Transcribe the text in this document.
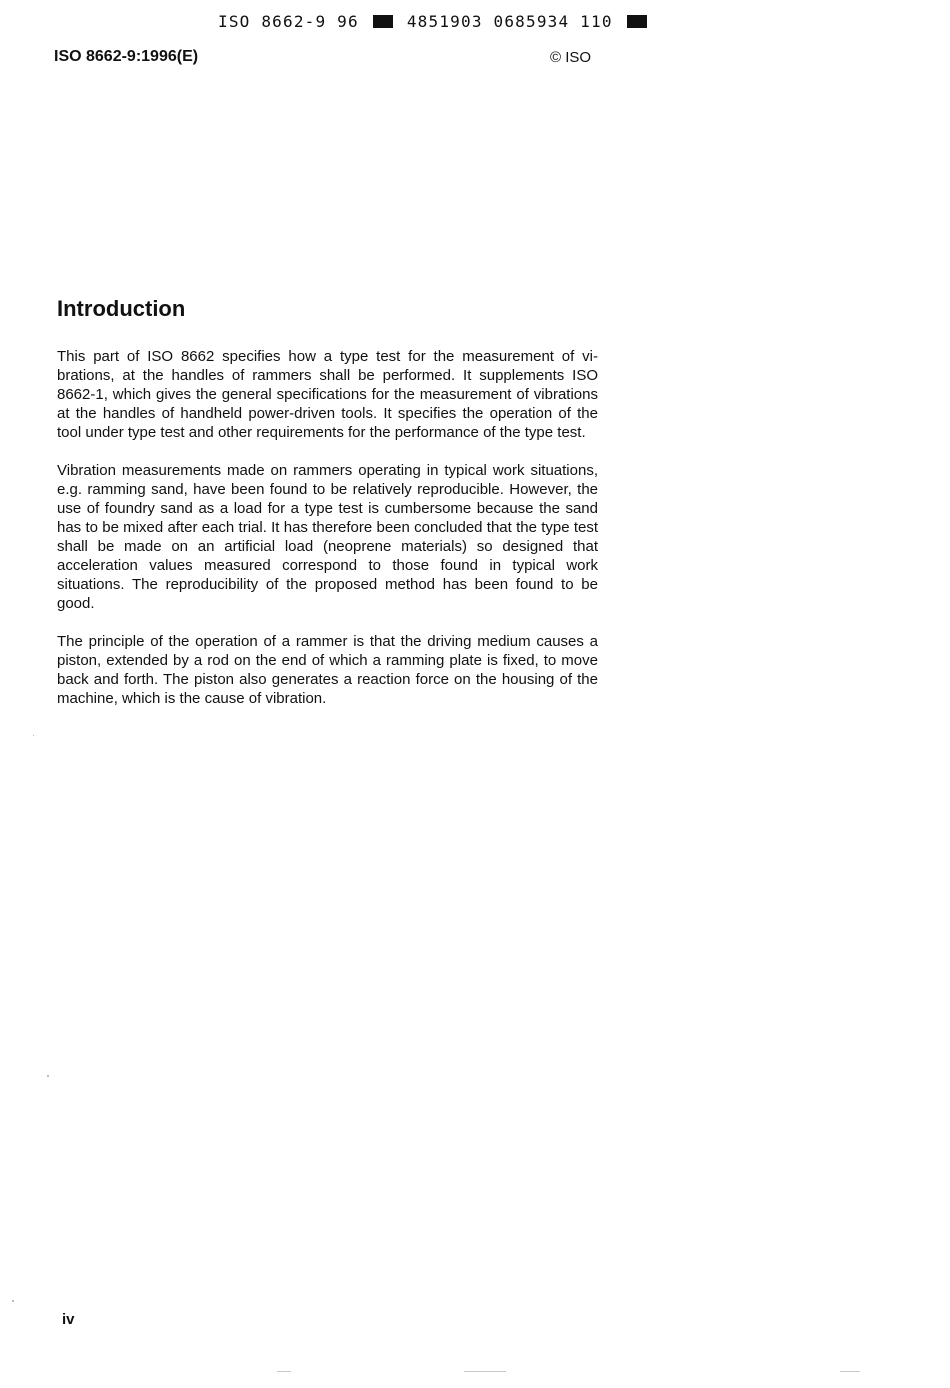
ISO 8662-9 96	4851903 0685934 110
ISO 8662-9:1996(E)	© ISO
Introduction

This part of ISO 8662 specifies how a type test for the measurement of vibrations, at the handles of rammers shall be performed. It supplements ISO 8662-1, which gives the general specifications for the measurement of vibrations at the handles of handheld power-driven tools. It specifies the operation of the tool under type test and other requirements for the performance of the type test.

Vibration measurements made on rammers operating in typical work situations, e.g. ramming sand, have been found to be relatively reproducible. However, the use of foundry sand as a load for a type test is cumbersome because the sand has to be mixed after each trial. It has therefore been concluded that the type test shall be made on an artificial load (neoprene materials) so designed that acceleration values measured correspond to those found in typical work situations. The reproducibility of the proposed method has been found to be good.

The principle of the operation of a rammer is that the driving medium causes a piston, extended by a rod on the end of which a ramming plate is fixed, to move back and forth. The piston also generates a reaction force on the housing of the machine, which is the cause of vibration.

iv
